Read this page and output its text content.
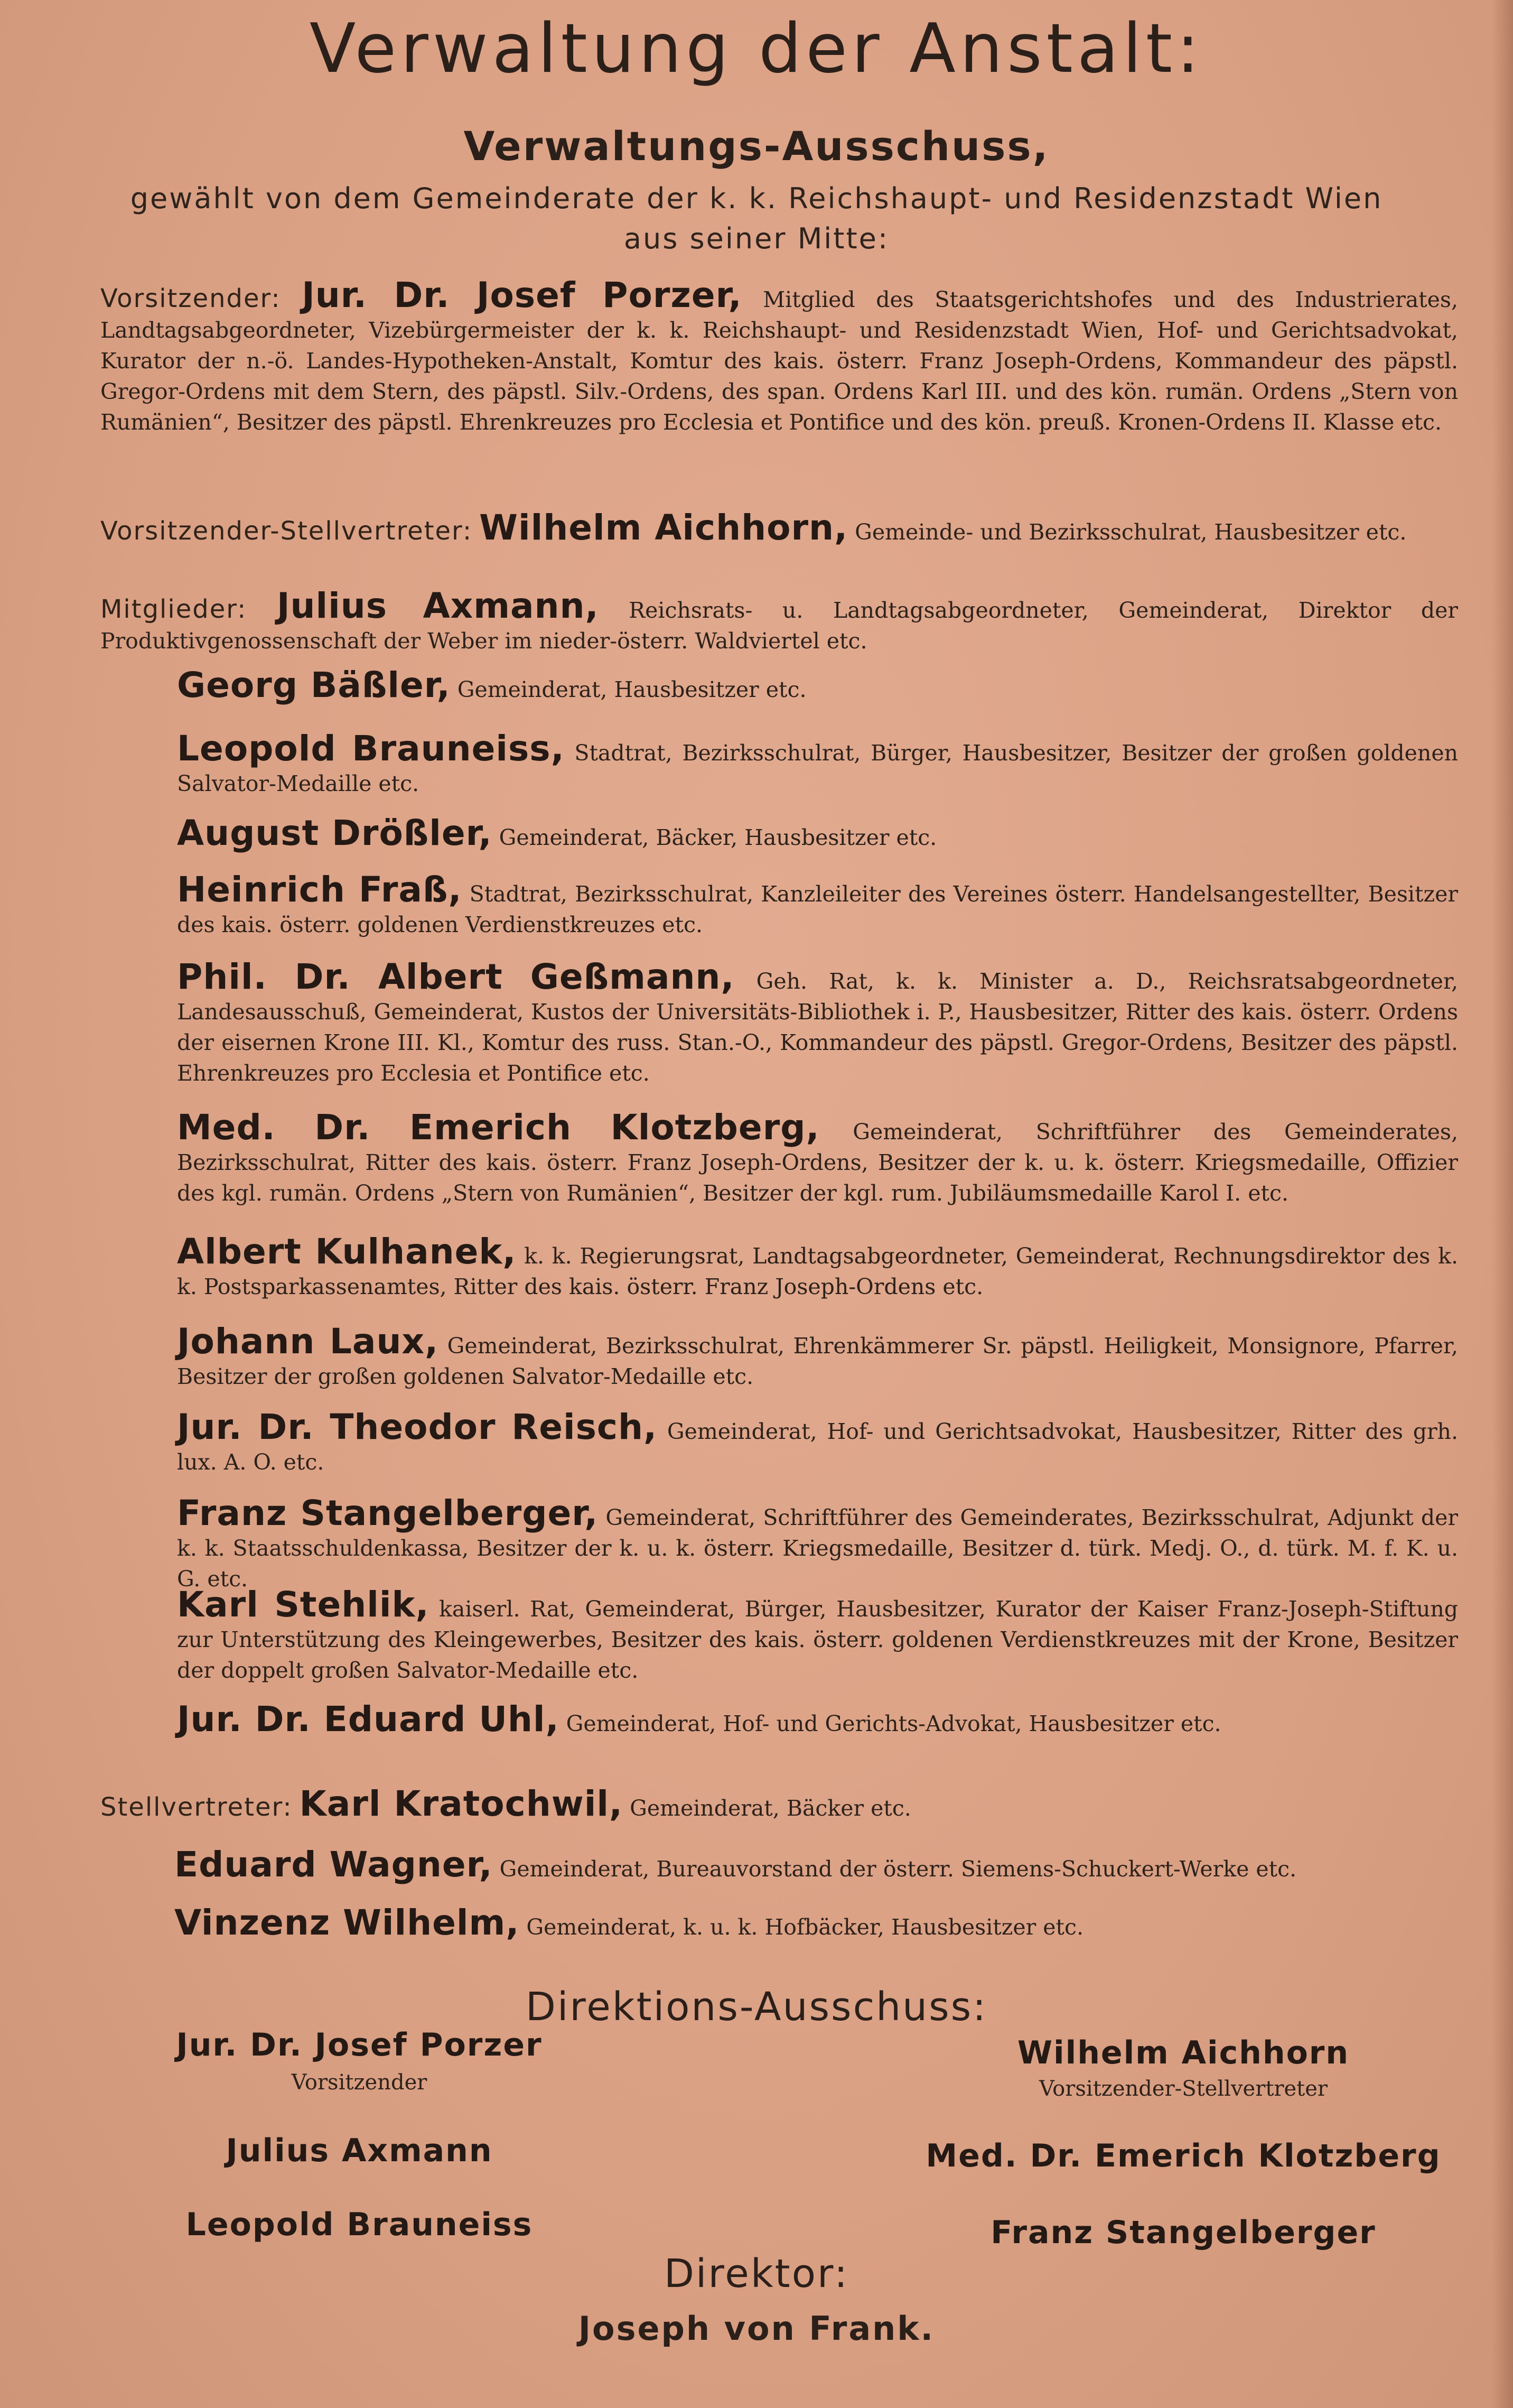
Verwaltung der Anstalt:
Verwaltungs-Ausschuss,
gewählt von dem Gemeinderate der k. k. Reichshaupt- und Residenzstadt Wien
aus seiner Mitte:
Vorsitzender: Jur. Dr. Josef Porzer, Mitglied des Staatsgerichtshofes und des Industrierates, Landtagsabgeordneter, Vizebürgermeister der k. k. Reichshaupt- und Residenzstadt Wien, Hof- und Gerichtsadvokat, Kurator der n.-ö. Landes-Hypotheken-Anstalt, Komtur des kais. österr. Franz Joseph-Ordens, Kommandeur des päpstl. Gregor-Ordens mit dem Stern, des päpstl. Silv.-Ordens, des span. Ordens Karl III. und des kön. rumän. Ordens „Stern von Rumänien“, Besitzer des päpstl. Ehrenkreuzes pro Ecclesia et Pontifice und des kön. preuß. Kronen-Ordens II. Klasse etc.
Vorsitzender-Stellvertreter: Wilhelm Aichhorn, Gemeinde- und Bezirksschulrat, Hausbesitzer etc.
Mitglieder: Julius Axmann, Reichsrats- u. Landtagsabgeordneter, Gemeinderat, Direktor der Produktivgenossenschaft der Weber im nieder-österr. Waldviertel etc.
Georg Bäßler, Gemeinderat, Hausbesitzer etc.
Leopold Brauneiss, Stadtrat, Bezirksschulrat, Bürger, Hausbesitzer, Besitzer der großen goldenen Salvator-Medaille etc.
August Drößler, Gemeinderat, Bäcker, Hausbesitzer etc.
Heinrich Fraß, Stadtrat, Bezirksschulrat, Kanzleileiter des Vereines österr. Handelsangestellter, Besitzer des kais. österr. goldenen Verdienstkreuzes etc.
Phil. Dr. Albert Geßmann, Geh. Rat, k. k. Minister a. D., Reichsratsabgeordneter, Landesausschuß, Gemeinderat, Kustos der Universitäts-Bibliothek i. P., Hausbesitzer, Ritter des kais. österr. Ordens der eisernen Krone III. Kl., Komtur des russ. Stan.-O., Kommandeur des päpstl. Gregor-Ordens, Besitzer des päpstl. Ehrenkreuzes pro Ecclesia et Pontifice etc.
Med. Dr. Emerich Klotzberg, Gemeinderat, Schriftführer des Gemeinderates, Bezirksschulrat, Ritter des kais. österr. Franz Joseph-Ordens, Besitzer der k. u. k. österr. Kriegsmedaille, Offizier des kgl. rumän. Ordens „Stern von Rumänien“, Besitzer der kgl. rum. Jubiläumsmedaille Karol I. etc.
Albert Kulhanek, k. k. Regierungsrat, Landtagsabgeordneter, Gemeinderat, Rechnungsdirektor des k. k. Postsparkassenamtes, Ritter des kais. österr. Franz Joseph-Ordens etc.
Johann Laux, Gemeinderat, Bezirksschulrat, Ehrenkämmerer Sr. päpstl. Heiligkeit, Monsignore, Pfarrer, Besitzer der großen goldenen Salvator-Medaille etc.
Jur. Dr. Theodor Reisch, Gemeinderat, Hof- und Gerichtsadvokat, Hausbesitzer, Ritter des grh. lux. A. O. etc.
Franz Stangelberger, Gemeinderat, Schriftführer des Gemeinderates, Bezirksschulrat, Adjunkt der k. k. Staatsschuldenkassa, Besitzer der k. u. k. österr. Kriegsmedaille, Besitzer d. türk. Medj. O., d. türk. M. f. K. u. G. etc.
Karl Stehlik, kaiserl. Rat, Gemeinderat, Bürger, Hausbesitzer, Kurator der Kaiser Franz-Joseph-Stiftung zur Unterstützung des Kleingewerbes, Besitzer des kais. österr. goldenen Verdienstkreuzes mit der Krone, Besitzer der doppelt großen Salvator-Medaille etc.
Jur. Dr. Eduard Uhl, Gemeinderat, Hof- und Gerichts-Advokat, Hausbesitzer etc.
Stellvertreter: Karl Kratochwil, Gemeinderat, Bäcker etc.
Eduard Wagner, Gemeinderat, Bureauvorstand der österr. Siemens-Schuckert-Werke etc.
Vinzenz Wilhelm, Gemeinderat, k. u. k. Hofbäcker, Hausbesitzer etc.
Direktions-Ausschuss:
Jur. Dr. Josef Porzer
Vorsitzender
Julius Axmann
Leopold Brauneiss
Wilhelm Aichhorn
Vorsitzender-Stellvertreter
Med. Dr. Emerich Klotzberg
Franz Stangelberger
Direktor:
Joseph von Frank.
